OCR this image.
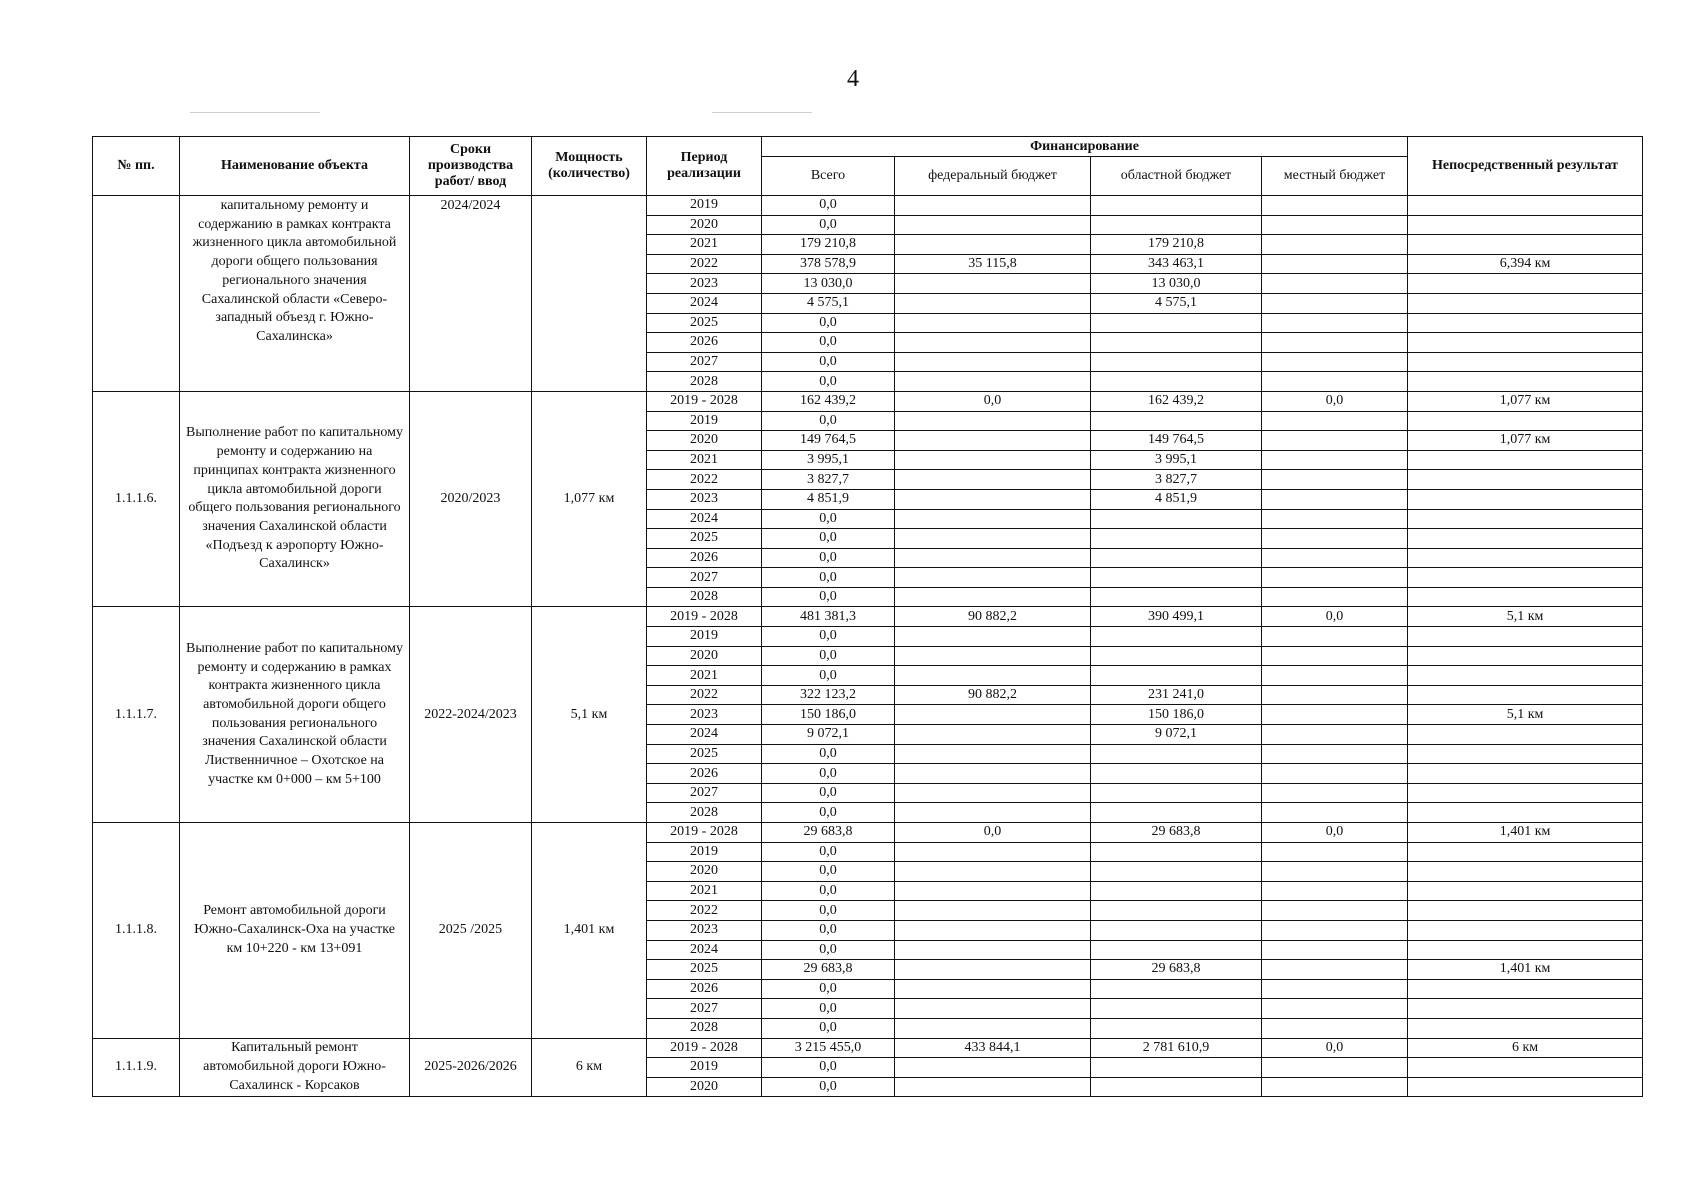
4
№ пп.	Наименование объекта	Сроки производства работ/ ввод	Мощность (количество)	Период реализации	Финансирование				Непосредственный результат
					Всего	федеральный бюджет	областной бюджет	местный бюджет	
	капитальному ремонту и содержанию в рамках контракта жизненного цикла автомобильной дороги общего пользования регионального значения Сахалинской области «Северо-западный объезд г. Южно-Сахалинска»	2024/2024		2019	0,0				
				2020	0,0				
				2021	179 210,8		179 210,8		
				2022	378 578,9	35 115,8	343 463,1		6,394 км
				2023	13 030,0		13 030,0		
				2024	4 575,1		4 575,1		
				2025	0,0				
				2026	0,0				
				2027	0,0				
				2028	0,0				
1.1.1.6.	Выполнение работ по капитальному ремонту и содержанию на принципах контракта жизненного цикла автомобильной дороги общего пользования регионального значения Сахалинской области «Подъезд к аэропорту Южно-Сахалинск»	2020/2023	1,077 км	2019 - 2028	162 439,2	0,0	162 439,2	0,0	1,077 км
				2019	0,0				
				2020	149 764,5		149 764,5		1,077 км
				2021	3 995,1		3 995,1		
				2022	3 827,7		3 827,7		
				2023	4 851,9		4 851,9		
				2024	0,0				
				2025	0,0				
				2026	0,0				
				2027	0,0				
				2028	0,0				
1.1.1.7.	Выполнение работ по капитальному ремонту и содержанию в рамках контракта жизненного цикла автомобильной дороги общего пользования регионального значения Сахалинской области Лиственничное – Охотское на участке км 0+000 – км 5+100	2022-2024/2023	5,1 км	2019 - 2028	481 381,3	90 882,2	390 499,1	0,0	5,1 км
				2019	0,0				
				2020	0,0				
				2021	0,0				
				2022	322 123,2	90 882,2	231 241,0		
				2023	150 186,0		150 186,0		5,1 км
				2024	9 072,1		9 072,1		
				2025	0,0				
				2026	0,0				
				2027	0,0				
				2028	0,0				
1.1.1.8.	Ремонт автомобильной дороги Южно-Сахалинск-Оха на участке км 10+220 - км 13+091	2025 /2025	1,401 км	2019 - 2028	29 683,8	0,0	29 683,8	0,0	1,401 км
				2019	0,0				
				2020	0,0				
				2021	0,0				
				2022	0,0				
				2023	0,0				
				2024	0,0				
				2025	29 683,8		29 683,8		1,401 км
				2026	0,0				
				2027	0,0				
				2028	0,0				
1.1.1.9.	Капитальный ремонт автомобильной дороги Южно-Сахалинск - Корсаков	2025-2026/2026	6 км	2019 - 2028	3 215 455,0	433 844,1	2 781 610,9	0,0	6 км
				2019	0,0				
				2020	0,0				
